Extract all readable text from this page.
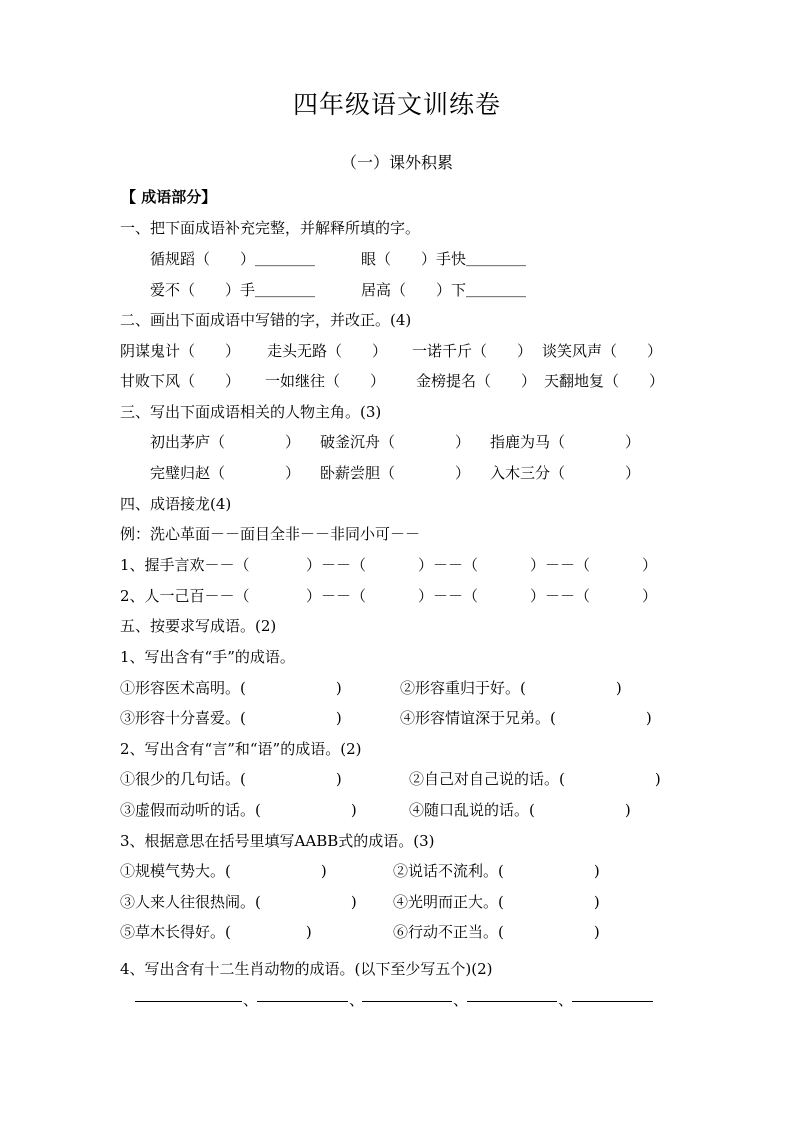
四年级语文训练卷
（一）课外积累
【 成语部分】
一、把下面成语补充完整，并解释所填的字。
循规蹈（　　）＿＿＿＿	眼（　　）手快＿＿＿＿
爱不（　　）手＿＿＿＿	居高（　　）下＿＿＿＿
二、画出下面成语中写错的字，并改正。(4)
阴谋鬼计（　　） 走头无路（　　） 一诺千斤（　　） 谈笑风声（　　）
甘败下风（　　） 一如继往（　　） 金榜提名（　　） 天翻地复（　　）
三、写出下面成语相关的人物主角。(3)
初出茅庐（　　　　） 破釜沉舟（　　　　） 指鹿为马（　　　　）
完璧归赵（　　　　） 卧薪尝胆（　　　　） 入木三分（　　　　）
四、成语接龙(4)
例：洗心革面－－面目全非－－非同小可－－
1、握手言欢－－（	）－－（	）－－（	）－－（	）
2、人一己百－－（	）－－（	）－－（	）－－（	）
五、按要求写成语。(2)
1、写出含有“手”的成语。
①形容医术高明。(　　　　　　)	②形容重归于好。(　　　　　　)
③形容十分喜爱。(　　　　　　)	④形容情谊深于兄弟。(　　　　　　)
2、写出含有“言”和“语”的成语。(2)
①很少的几句话。(　　　　　　)	②自己对自己说的话。(　　　　　　)
③虚假而动听的话。(　　　　　　)	④随口乱说的话。(　　　　　　)
3、根据意思在括号里填写AABB式的成语。(3)
①规模气势大。(　　　　　　)	②说话不流利。(　　　　　　)
③人来人往很热闹。(　　　　　　) ④光明而正大。(　　　　　　)
⑤草木长得好。(　　　　　)	⑥行动不正当。(　　　　　　)
4、写出含有十二生肖动物的成语。(以下至少写五个)(2)
、	、	、	、
